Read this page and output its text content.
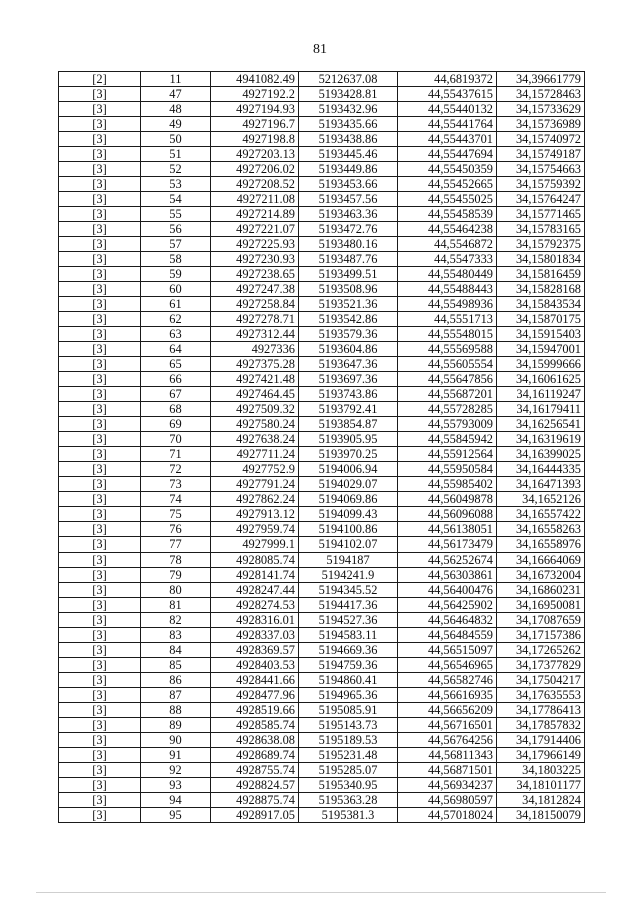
81
[2]	11	4941082.49	5212637.08	44,6819372	34,39661779
[3]	47	4927192.2	5193428.81	44,55437615	34,15728463
[3]	48	4927194.93	5193432.96	44,55440132	34,15733629
[3]	49	4927196.7	5193435.66	44,55441764	34,15736989
[3]	50	4927198.8	5193438.86	44,55443701	34,15740972
[3]	51	4927203.13	5193445.46	44,55447694	34,15749187
[3]	52	4927206.02	5193449.86	44,55450359	34,15754663
[3]	53	4927208.52	5193453.66	44,55452665	34,15759392
[3]	54	4927211.08	5193457.56	44,55455025	34,15764247
[3]	55	4927214.89	5193463.36	44,55458539	34,15771465
[3]	56	4927221.07	5193472.76	44,55464238	34,15783165
[3]	57	4927225.93	5193480.16	44,5546872	34,15792375
[3]	58	4927230.93	5193487.76	44,5547333	34,15801834
[3]	59	4927238.65	5193499.51	44,55480449	34,15816459
[3]	60	4927247.38	5193508.96	44,55488443	34,15828168
[3]	61	4927258.84	5193521.36	44,55498936	34,15843534
[3]	62	4927278.71	5193542.86	44,5551713	34,15870175
[3]	63	4927312.44	5193579.36	44,55548015	34,15915403
[3]	64	4927336	5193604.86	44,55569588	34,15947001
[3]	65	4927375.28	5193647.36	44,55605554	34,15999666
[3]	66	4927421.48	5193697.36	44,55647856	34,16061625
[3]	67	4927464.45	5193743.86	44,55687201	34,16119247
[3]	68	4927509.32	5193792.41	44,55728285	34,16179411
[3]	69	4927580.24	5193854.87	44,55793009	34,16256541
[3]	70	4927638.24	5193905.95	44,55845942	34,16319619
[3]	71	4927711.24	5193970.25	44,55912564	34,16399025
[3]	72	4927752.9	5194006.94	44,55950584	34,16444335
[3]	73	4927791.24	5194029.07	44,55985402	34,16471393
[3]	74	4927862.24	5194069.86	44,56049878	34,1652126
[3]	75	4927913.12	5194099.43	44,56096088	34,16557422
[3]	76	4927959.74	5194100.86	44,56138051	34,16558263
[3]	77	4927999.1	5194102.07	44,56173479	34,16558976
[3]	78	4928085.74	5194187	44,56252674	34,16664069
[3]	79	4928141.74	5194241.9	44,56303861	34,16732004
[3]	80	4928247.44	5194345.52	44,56400476	34,16860231
[3]	81	4928274.53	5194417.36	44,56425902	34,16950081
[3]	82	4928316.01	5194527.36	44,56464832	34,17087659
[3]	83	4928337.03	5194583.11	44,56484559	34,17157386
[3]	84	4928369.57	5194669.36	44,56515097	34,17265262
[3]	85	4928403.53	5194759.36	44,56546965	34,17377829
[3]	86	4928441.66	5194860.41	44,56582746	34,17504217
[3]	87	4928477.96	5194965.36	44,56616935	34,17635553
[3]	88	4928519.66	5195085.91	44,56656209	34,17786413
[3]	89	4928585.74	5195143.73	44,56716501	34,17857832
[3]	90	4928638.08	5195189.53	44,56764256	34,17914406
[3]	91	4928689.74	5195231.48	44,56811343	34,17966149
[3]	92	4928755.74	5195285.07	44,56871501	34,1803225
[3]	93	4928824.57	5195340.95	44,56934237	34,18101177
[3]	94	4928875.74	5195363.28	44,56980597	34,1812824
[3]	95	4928917.05	5195381.3	44,57018024	34,18150079
